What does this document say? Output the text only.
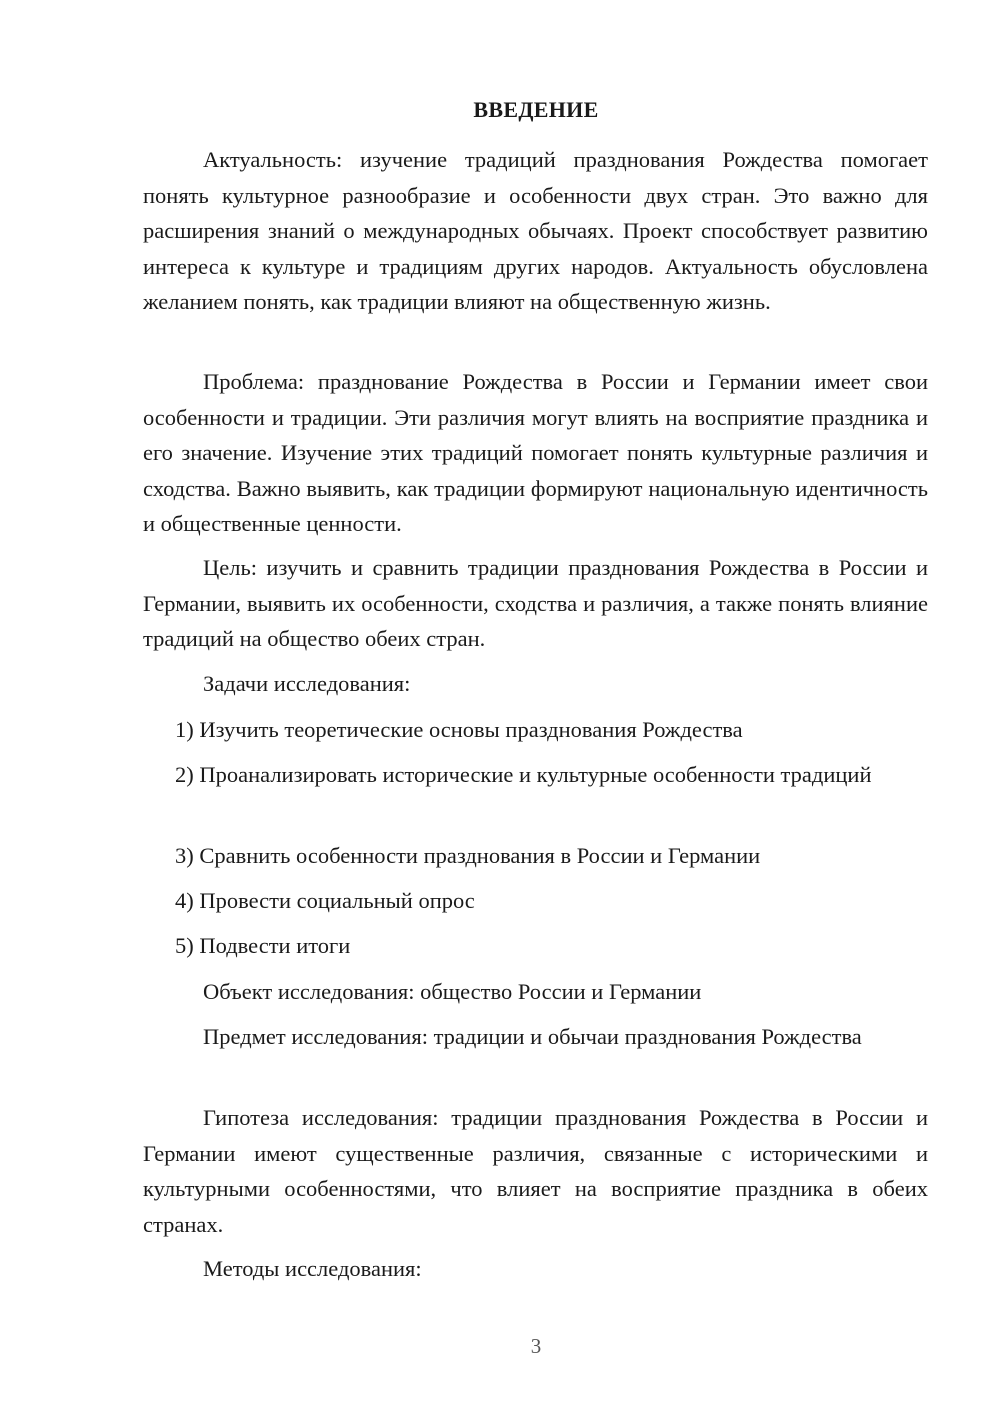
ВВЕДЕНИЕ

Актуальность: изучение традиций празднования Рождества помогает понять культурное разнообразие и особенности двух стран. Это важно для расширения знаний о международных обычаях. Проект способствует развитию интереса к культуре и традициям других народов. Актуальность обусловлена желанием понять, как традиции влияют на общественную жизнь.

Проблема: празднование Рождества в России и Германии имеет свои особенности и традиции. Эти различия могут влиять на восприятие праздника и его значение. Изучение этих традиций помогает понять культурные различия и сходства. Важно выявить, как традиции формируют национальную идентичность и общественные ценности.

Цель: изучить и сравнить традиции празднования Рождества в России и Германии, выявить их особенности, сходства и различия, а также понять влияние традиций на общество обеих стран.

Задачи исследования:

1) Изучить теоретические основы празднования Рождества

2) Проанализировать исторические и культурные особенности традиций

3) Сравнить особенности празднования в России и Германии

4) Провести социальный опрос

5) Подвести итоги

Объект исследования: общество России и Германии

Предмет исследования: традиции и обычаи празднования Рождества

Гипотеза исследования: традиции празднования Рождества в России и Германии имеют существенные различия, связанные с историческими и культурными особенностями, что влияет на восприятие праздника в обеих странах.

Методы исследования:

3
